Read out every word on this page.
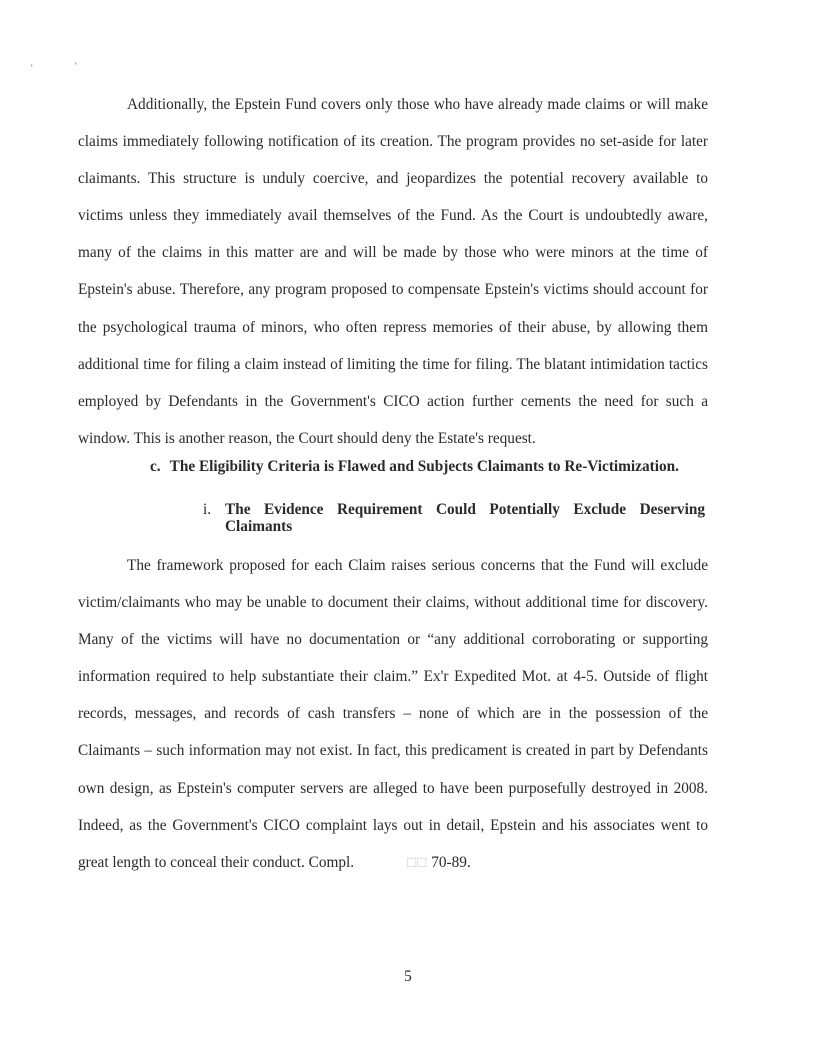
'	'

Additionally, the Epstein Fund covers only those who have already made claims or will make claims immediately following notification of its creation. The program provides no set-aside for later claimants. This structure is unduly coercive, and jeopardizes the potential recovery available to victims unless they immediately avail themselves of the Fund. As the Court is undoubtedly aware, many of the claims in this matter are and will be made by those who were minors at the time of Epstein's abuse. Therefore, any program proposed to compensate Epstein's victims should account for the psychological trauma of minors, who often repress memories of their abuse, by allowing them additional time for filing a claim instead of limiting the time for filing. The blatant intimidation tactics employed by Defendants in the Government's CICO action further cements the need for such a window. This is another reason, the Court should deny the Estate's request.

c. The Eligibility Criteria is Flawed and Subjects Claimants to Re-Victimization.

i. The Evidence Requirement Could Potentially Exclude Deserving Claimants

The framework proposed for each Claim raises serious concerns that the Fund will exclude victim/claimants who may be unable to document their claims, without additional time for discovery. Many of the victims will have no documentation or “any additional corroborating or supporting information required to help substantiate their claim.” Ex'r Expedited Mot. at 4-5. Outside of flight records, messages, and records of cash transfers – none of which are in the possession of the Claimants – such information may not exist. In fact, this predicament is created in part by Defendants own design, as Epstein's computer servers are alleged to have been purposefully destroyed in 2008. Indeed, as the Government's CICO complaint lays out in detail, Epstein and his associates went to great length to conceal their conduct. Compl.	□□ 70-89.

5
